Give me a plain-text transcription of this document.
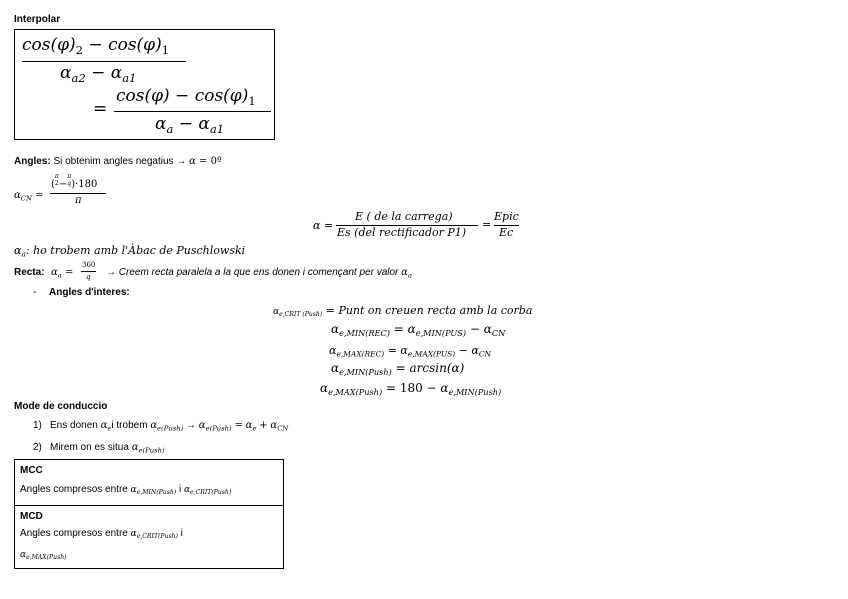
Interpolar
$\cos(\varphi)_2 - \cos(\varphi)_1$
$\alpha_{a2} - \alpha_{a1}$
=
$\cos(\varphi) - \cos(\varphi)_1$
$\alpha_a - \alpha_{a1}$
Angles: Si obtenim angles negatius → α = 0º
$\alpha_{CN}$ =
(π
2−π
q)·180
π
α =
E ( de la carrega)
Es (del rectificador P1)
=
Epic
Ec
$\alpha_a$: ho trobem amb l'Àbac de Puschlowski
Recta: $\alpha_a$ =
360
q → Creem recta paralela a la que ens donen i començant per valor $\alpha_a$
- Angles d'interes:
$\alpha_{e,CRIT (Push)}$ = Punt on creuen recta amb la corba
$\alpha_{e,MIN(REC)} = \alpha_{e,MIN(PUS)} - \alpha_{CN}$
$\alpha_{e,MAX(REC)} = \alpha_{e,MAX(PUS)} - \alpha_{CN}$
$\alpha_{e,MIN(Push)} = \arcsin(\alpha)$
$\alpha_{e,MAX(Push)} = 180 - \alpha_{e,MIN(Push)}$
Mode de conduccio
1) Ens donen $\alpha_ei$ trobem $\alpha_{e(Push)} \to \alpha_{e(Push)} = \alpha_e + \alpha_{CN}$
2) Mirem on es situa $\alpha_{e(Push)}$
MCC
Angles compresos entre $\alpha_{e,MIN(Push)}$ i $\alpha_{e,CRIT(Push)}$
MCD
Angles compresos entre $\alpha_{e,CRIT(Push)}$ i
$\alpha_{e,MAX(Push)}$
